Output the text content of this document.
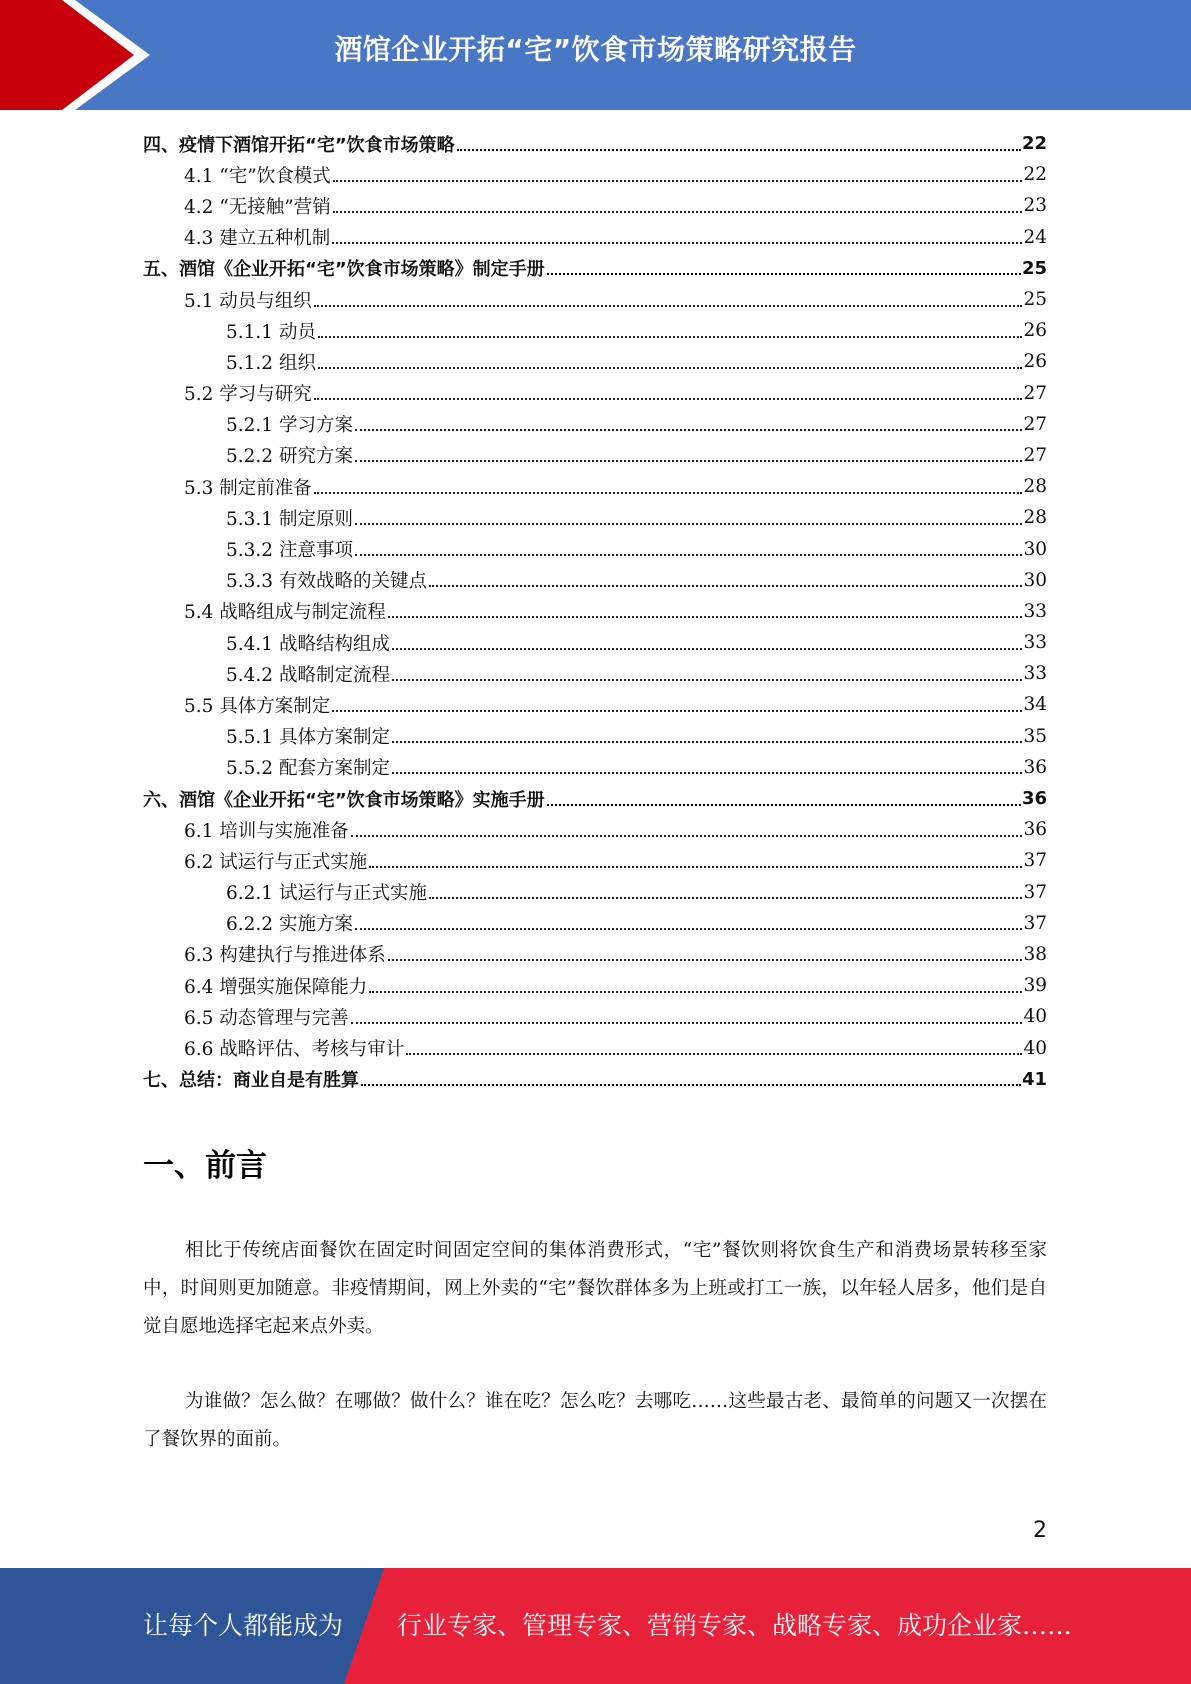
酒馆企业开拓“宅”饮食市场策略研究报告
四、疫情下酒馆开拓“宅”饮食市场策略	22
4.1 “宅”饮食模式	22
4.2 “无接触”营销	23
4.3 建立五种机制	24
五、酒馆《企业开拓“宅”饮食市场策略》制定手册	25
5.1 动员与组织	25
5.1.1 动员	26
5.1.2 组织	26
5.2 学习与研究	27
5.2.1 学习方案	27
5.2.2 研究方案	27
5.3 制定前准备	28
5.3.1 制定原则	28
5.3.2 注意事项	30
5.3.3 有效战略的关键点	30
5.4 战略组成与制定流程	33
5.4.1 战略结构组成	33
5.4.2 战略制定流程	33
5.5 具体方案制定	34
5.5.1 具体方案制定	35
5.5.2 配套方案制定	36
六、酒馆《企业开拓“宅”饮食市场策略》实施手册	36
6.1 培训与实施准备	36
6.2 试运行与正式实施	37
6.2.1 试运行与正式实施	37
6.2.2 实施方案	37
6.3 构建执行与推进体系	38
6.4 增强实施保障能力	39
6.5 动态管理与完善	40
6.6 战略评估、考核与审计	40
七、总结：商业自是有胜算	41
一、前言

相比于传统店面餐饮在固定时间固定空间的集体消费形式，“宅”餐饮则将饮食生产和消费场景转移至家中，时间则更加随意。非疫情期间，网上外卖的“宅”餐饮群体多为上班或打工一族，以年轻人居多，他们是自觉自愿地选择宅起来点外卖。

为谁做？怎么做？在哪做？做什么？谁在吃？怎么吃？去哪吃……这些最古老、最简单的问题又一次摆在了餐饮界的面前。

2
让每个人都能成为 行业专家、管理专家、营销专家、战略专家、成功企业家……
